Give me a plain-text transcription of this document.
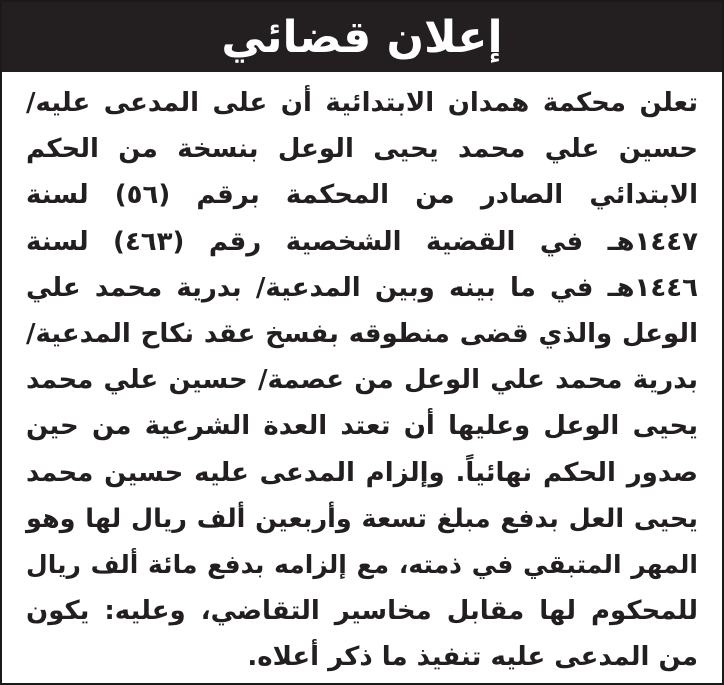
إعلان قضائي
تعلن محكمة همدان الابتدائية أن على المدعى عليه/
حسين علي محمد يحيى الوعل بنسخة من الحكم
الابتدائي الصادر من المحكمة برقم (٥٦) لسنة
١٤٤٧هـ في القضية الشخصية رقم (٤٦٣) لسنة
١٤٤٦هـ في ما بينه وبين المدعية/ بدرية محمد علي
الوعل والذي قضى منطوقه بفسخ عقد نكاح المدعية/
بدرية محمد علي الوعل من عصمة/ حسين علي محمد
يحيى الوعل وعليها أن تعتد العدة الشرعية من حين
صدور الحكم نهائياً. وإلزام المدعى عليه حسين محمد
يحيى العل بدفع مبلغ تسعة وأربعين ألف ريال لها وهو
المهر المتبقي في ذمته، مع إلزامه بدفع مائة ألف ريال
للمحكوم لها مقابل مخاسير التقاضي، وعليه: يكون
من المدعى عليه تنفيذ ما ذكر أعلاه.
